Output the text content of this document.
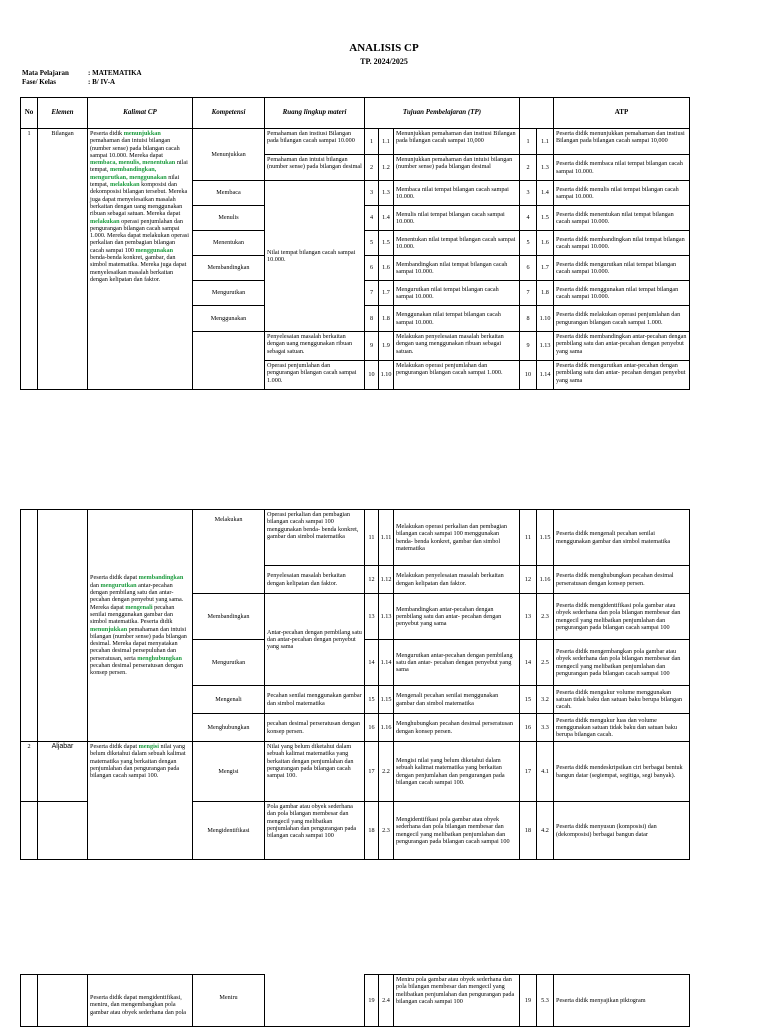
ANALISIS CP
TP. 2024/2025
Mata Pelajaran	: MATEMATIKA
Fase/ Kelas	: B/ IV-A
No	Elemen	Kalimat CP	Kompetensi	Ruang lingkup materi	Tujuan Pembelajaran (TP)					ATP
1	Bilangan	Peserta didik menunjukkan pemahaman dan intuisi bilangan (number sense) pada bilangan cacah sampai 10.000. Mereka dapat membaca, menulis, menentukan nilai tempat, membandingkan, mengurutkan, menggunakan nilai tempat, melakukan komposisi dan dekomposisi bilangan tersebut. Mereka juga dapat menyelesaikan masalah berkaitan dengan uang menggunakan ribuan sebagai satuan. Mereka dapat melakukan operasi penjumlahan dan pengurangan bilangan cacah sampai 1.000. Mereka dapat melakukan operasi perkalian dan pembagian bilangan cacah sampai 100 menggunakan benda-benda konkret, gambar, dan simbol matematika. Mereka juga dapat menyelesaikan masalah berkaitan dengan kelipatan dan faktor.	Menunjukkan	Pemahaman dan instiusi Bilangan pada bilangan cacah sampai 10.000	1	1.1	Menunjukkan pemahaman dan instiusi Bilangan pada bilangan cacah sampai 10,000	1	1.1	Peserta didik menunjukkan pemahaman dan instiusi Bilangan pada bilangan cacah sampai 10,000
				Pemahaman dan intuisi bilangan (number sense) pada bilangan desimal	2	1.2	Menunjukkan pemahaman dan intuisi bilangan (number sense) pada bilangan desimal	2	1.3	Peserta didik membaca nilai tempat bilangan cacah sampai 10.000.
			Membaca	Nilai tempat bilangan cacah sampai 10.000.	3	1.3	Membaca nilai tempat bilangan cacah sampai 10.000.	3	1.4	Peserta didik menulis nilai tempat bilangan cacah sampai 10.000.
			Menulis		4	1.4	Menulis nilai tempat bilangan cacah sampai 10.000.	4	1.5	Peserta didik menentukan nilai tempat bilangan cacah sampai 10.000.
			Menentukan		5	1.5	Menentukan nilai tempat bilangan cacah sampai 10.000.	5	1.6	Peserta didik membandingkan nilai tempat bilangan cacah sampai 10.000.
			Membandingkan		6	1.6	Membandingkan nilai tempat bilangan cacah sampai 10.000.	6	1.7	Peserta didik mengurutkan nilai tempat bilangan cacah sampai 10.000.
			Mengurutkan		7	1.7	Mengurutkan nilai tempat bilangan cacah sampai 10.000.	7	1.8	Peserta didik menggunakan nilai tempat bilangan cacah sampai 10.000.
			Menggunakan		8	1.8	Menggunakan nilai tempat bilangan cacah sampai 10.000.	8	1.10	Peserta didik melakukan operasi penjumlahan dan pengurangan bilangan cacah sampai 1.000.
				Penyelesaian masalah berkaitan dengan uang menggunakan ribuan sebagai satuan.	9	1.9	Melakukan penyelesaian masalah berkaitan dengan uang menggunakan ribuan sebagai satuan.	9	1.13	Peserta didik membandingkan antar-pecahan dengan pembilang satu dan antar-pecahan dengan penyebut yang sama
				Operasi penjumlahan dan pengurangan bilangan cacah sampai 1.000.	10	1.10	Melakukan operasi penjumlahan dan pengurangan bilangan cacah sampai 1.000.	10	1.14	Peserta didik mengurutkan antar-pecahan dengan pembilang satu dan antar- pecahan dengan penyebut yang sama
		Peserta didik dapat membandingkan dan mengurutkan antar-pecahan dengan pembilang satu dan antar-pecahan dengan penyebut yang sama. Mereka dapat mengenali pecahan senilai menggunakan gambar dan simbol matematika. Peserta didik menunjukkan pemahaman dan intuisi bilangan (number sense) pada bilangan desimal. Mereka dapat menyatakan pecahan desimal persepuluhan dan perseratusan, serta menghubungkan pecahan desimal perseratusan dengan konsep persen.	Melakukan	Operasi perkalian dan pembagian bilangan cacah sampai 100 menggunakan benda- benda konkret, gambar dan simbol matematika	11	1.11	Melakukan operasi perkalian dan pembagian bilangan cacah sampai 100 menggunakan benda- benda konkret, gambar dan simbol matematika	11	1.15	Peserta didik mengenali pecahan senilai menggunakan gambar dan simbol matematika
				Penyelesaian masalah berkaitan dengan kelipatan dan faktor.	12	1.12	Melakukan penyelesaian masalah berkaitan dengan kelipatan dan faktor.	12	1.16	Peserta didik menghubungkan pecahan desimal perseratusan dengan konsep persen.
			Membandingkan	Antar-pecahan dengan pembilang satu dan antar-pecahan dengan penyebut yang sama	13	1.13	Membandingkan antar-pecahan dengan pembilang satu dan antar- pecahan dengan penyebut yang sama	13	2.3	Peserta didik mengidentifikasi pola gambar atau obyek sederhana dan pola bilangan membesar dan mengecil yang melibatkan penjumlahan dan pengurangan pada bilangan cacah sampai 100
			Mengurutkan		14	1.14	Mengurutkan antar-pecahan dengan pembilang satu dan antar- pecahan dengan penyebut yang sama	14	2.5	Peserta didik mengembangkan pola gambar atau obyek sederhana dan pola bilangan membesar dan mengecil yang melibatkan penjumlahan dan pengurangan pada bilangan cacah sampai 100
			Mengenali	Pecahan senilai menggunakan gambar dan simbol matematika	15	1.15	Mengenali pecahan senilai menggunakan gambar dan simbol matematika	15	3.2	Peserta didik mengukur volume menggunakan satuan tidak baku dan satuan baku berupa bilangan cacah.
			Menghubungkan	pecahan desimal perseratusan dengan konsep persen.	16	1.16	Menghubungkan pecahan desimal perseratusan dengan konsep persen.	16	3.3	Peserta didik mengukur luas dan volume menggunakan satuan tidak baku dan satuan baku berupa bilangan cacah.
2	Aljabar	Peserta didik dapat mengisi nilai yang belum diketahui dalam sebuah kalimat matematika yang berkaitan dengan penjumlahan dan pengurangan pada bilangan cacah sampai 100.	Mengisi	Nilai yang belum diketahui dalam sebuah kalimat matematika yang berkaitan dengan penjumlahan dan pengurangan pada bilangan cacah sampai 100.	17	2.2	Mengisi nilai yang belum diketahui dalam sebuah kalimat matematika yang berkaitan dengan penjumlahan dan pengurangan pada bilangan cacah sampai 100.	17	4.1	Peserta didik mendeskripsikan ciri berbagai bentuk bangun datar (segiempat, segitiga, segi banyak).
			Mengidentifikasi	Pola gambar atau obyek sederhana dan pola bilangan membesar dan mengecil yang melibatkan penjumlahan dan pengurangan pada bilangan cacah sampai 100	18	2.3	Mengidentifikasi pola gambar atau obyek sederhana dan pola bilangan membesar dan mengecil yang melibatkan penjumlahan dan pengurangan pada bilangan cacah sampai 100	18	4.2	Peserta didik menyusun (komposisi) dan (dekomposisi) berbagai bangun datar
		Peserta didik dapat mengidentifikasi, meniru, dan mengembangkan pola gambar atau obyek sederhana dan pola	Meniru		19	2.4	Meniru pola gambar atau obyek sederhana dan pola bilangan membesar dan mengecil yang melibatkan penjumlahan dan pengurangan pada bilangan cacah sampai 100	19	5.3	Peserta didik menyajikan piktogram
